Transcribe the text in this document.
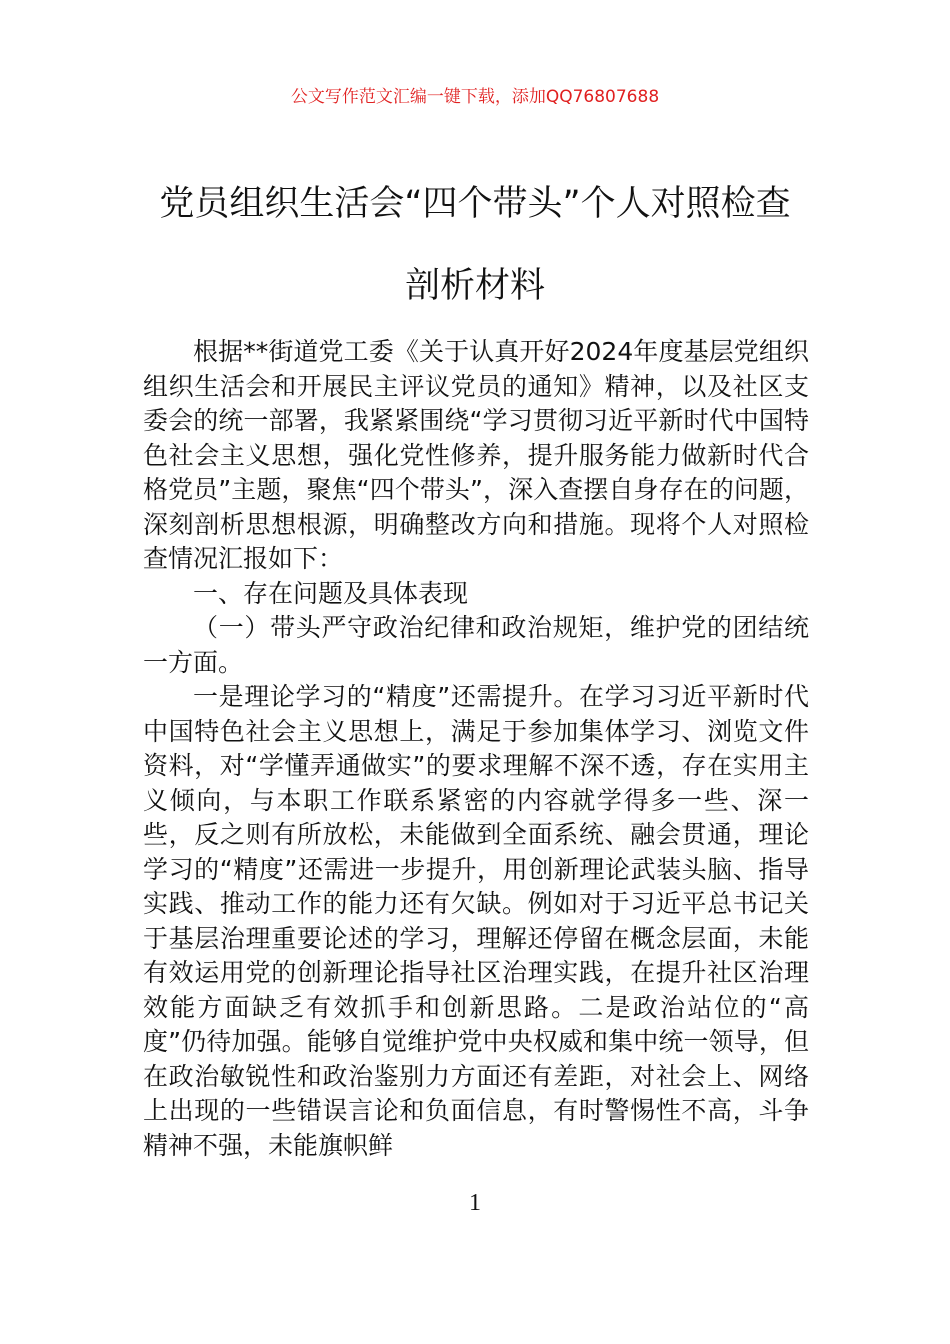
公文写作范文汇编一键下载，添加QQ76807688
党员组织生活会“四个带头”个人对照检查剖析材料

根据**街道党工委《关于认真开好2024年度基层党组织组织生活会和开展民主评议党员的通知》精神，以及社区支委会的统一部署，我紧紧围绕“学习贯彻习近平新时代中国特色社会主义思想，强化党性修养，提升服务能力做新时代合格党员”主题，聚焦“四个带头”，深入查摆自身存在的问题，深刻剖析思想根源，明确整改方向和措施。现将个人对照检查情况汇报如下：

一、存在问题及具体表现

（一）带头严守政治纪律和政治规矩，维护党的团结统一方面。

一是理论学习的“精度”还需提升。在学习习近平新时代中国特色社会主义思想上，满足于参加集体学习、浏览文件资料，对“学懂弄通做实”的要求理解不深不透，存在实用主义倾向，与本职工作联系紧密的内容就学得多一些、深一些，反之则有所放松，未能做到全面系统、融会贯通，理论学习的“精度”还需进一步提升，用创新理论武装头脑、指导实践、推动工作的能力还有欠缺。例如对于习近平总书记关于基层治理重要论述的学习，理解还停留在概念层面，未能有效运用党的创新理论指导社区治理实践，在提升社区治理效能方面缺乏有效抓手和创新思路。二是政治站位的“高度”仍待加强。能够自觉维护党中央权威和集中统一领导，但在政治敏锐性和政治鉴别力方面还有差距，对社会上、网络上出现的一些错误言论和负面信息，有时警惕性不高，斗争精神不强，未能旗帜鲜

1
